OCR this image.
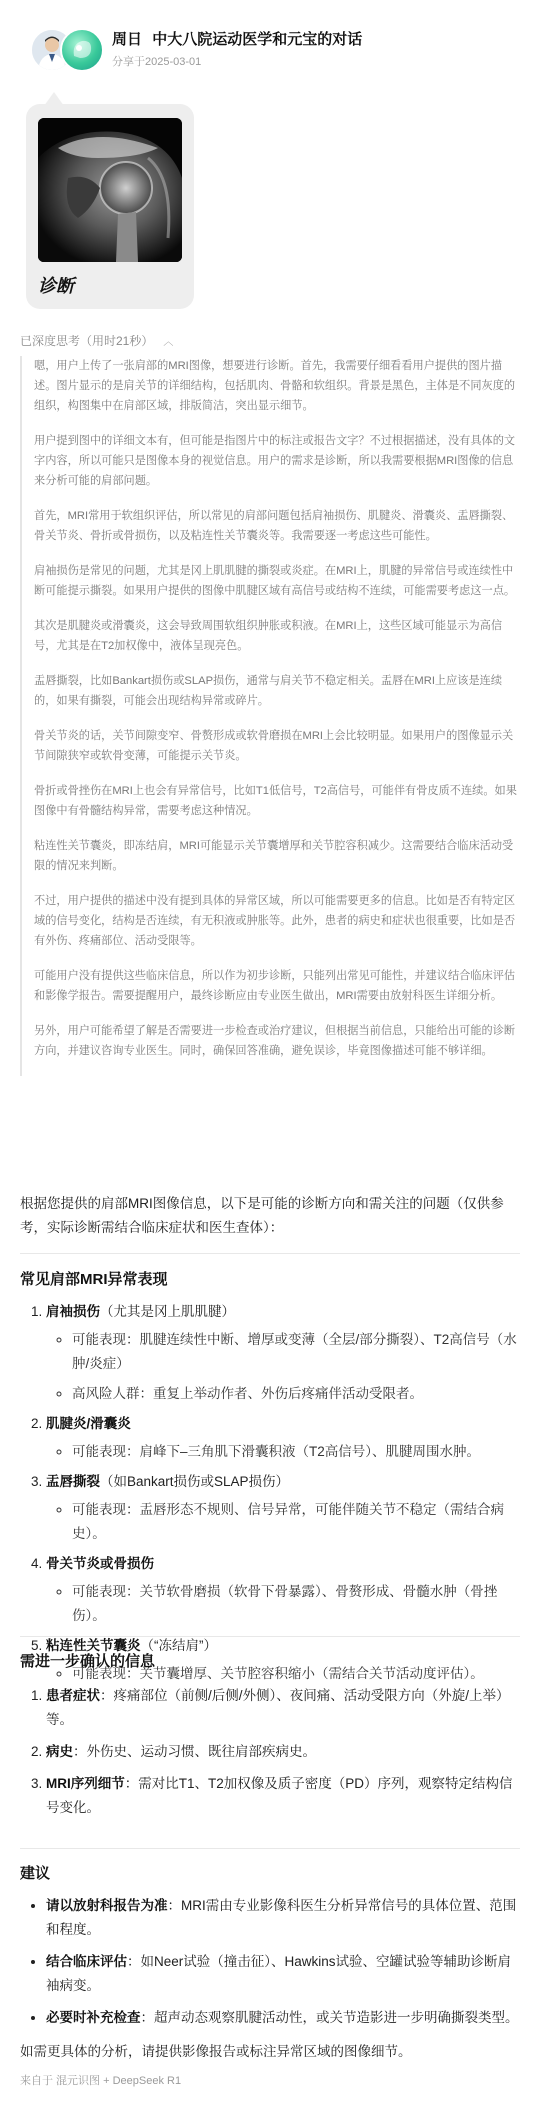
周日 中大八院运动医学和元宝的对话
分享于2025-03-01
诊断
已深度思考（用时21秒） ︿

嗯，用户上传了一张肩部的MRI图像，想要进行诊断。首先，我需要仔细看看用户提供的图片描述。图片显示的是肩关节的详细结构，包括肌肉、骨骼和软组织。背景是黑色，主体是不同灰度的组织，构图集中在肩部区域，排版简洁，突出显示细节。

用户提到图中的详细文本有，但可能是指图片中的标注或报告文字？不过根据描述，没有具体的文字内容，所以可能只是图像本身的视觉信息。用户的需求是诊断，所以我需要根据MRI图像的信息来分析可能的肩部问题。

首先，MRI常用于软组织评估，所以常见的肩部问题包括肩袖损伤、肌腱炎、滑囊炎、盂唇撕裂、骨关节炎、骨折或骨损伤，以及粘连性关节囊炎等。我需要逐一考虑这些可能性。

肩袖损伤是常见的问题，尤其是冈上肌肌腱的撕裂或炎症。在MRI上，肌腱的异常信号或连续性中断可能提示撕裂。如果用户提供的图像中肌腱区域有高信号或结构不连续，可能需要考虑这一点。

其次是肌腱炎或滑囊炎，这会导致周围软组织肿胀或积液。在MRI上，这些区域可能显示为高信号，尤其是在T2加权像中，液体呈现亮色。

盂唇撕裂，比如Bankart损伤或SLAP损伤，通常与肩关节不稳定相关。盂唇在MRI上应该是连续的，如果有撕裂，可能会出现结构异常或碎片。

骨关节炎的话，关节间隙变窄、骨赘形成或软骨磨损在MRI上会比较明显。如果用户的图像显示关节间隙狭窄或软骨变薄，可能提示关节炎。

骨折或骨挫伤在MRI上也会有异常信号，比如T1低信号，T2高信号，可能伴有骨皮质不连续。如果图像中有骨髓结构异常，需要考虑这种情况。

粘连性关节囊炎，即冻结肩，MRI可能显示关节囊增厚和关节腔容积减少。这需要结合临床活动受限的情况来判断。

不过，用户提供的描述中没有提到具体的异常区域，所以可能需要更多的信息。比如是否有特定区域的信号变化，结构是否连续，有无积液或肿胀等。此外，患者的病史和症状也很重要，比如是否有外伤、疼痛部位、活动受限等。

可能用户没有提供这些临床信息，所以作为初步诊断，只能列出常见可能性，并建议结合临床评估和影像学报告。需要提醒用户，最终诊断应由专业医生做出，MRI需要由放射科医生详细分析。

另外，用户可能希望了解是否需要进一步检查或治疗建议，但根据当前信息，只能给出可能的诊断方向，并建议咨询专业医生。同时，确保回答准确，避免误诊，毕竟图像描述可能不够详细。

根据您提供的肩部MRI图像信息，以下是可能的诊断方向和需关注的问题（仅供参考，实际诊断需结合临床症状和医生查体）：
常见肩部MRI异常表现
1. 肩袖损伤（尤其是冈上肌肌腱）
◦ 可能表现：肌腱连续性中断、增厚或变薄（全层/部分撕裂）、T2高信号（水肿/炎症）
◦ 高风险人群：重复上举动作者、外伤后疼痛伴活动受限者。
2. 肌腱炎/滑囊炎
◦ 可能表现：肩峰下–三角肌下滑囊积液（T2高信号）、肌腱周围水肿。
3. 盂唇撕裂（如Bankart损伤或SLAP损伤）
◦ 可能表现：盂唇形态不规则、信号异常，可能伴随关节不稳定（需结合病史）。
4. 骨关节炎或骨损伤
◦ 可能表现：关节软骨磨损（软骨下骨暴露）、骨赘形成、骨髓水肿（骨挫伤）。
5. 粘连性关节囊炎（“冻结肩”）
◦ 可能表现：关节囊增厚、关节腔容积缩小（需结合关节活动度评估）。
需进一步确认的信息
1. 患者症状：疼痛部位（前侧/后侧/外侧）、夜间痛、活动受限方向（外旋/上举）等。
2. 病史：外伤史、运动习惯、既往肩部疾病史。
3. MRI序列细节：需对比T1、T2加权像及质子密度（PD）序列，观察特定结构信号变化。
建议
• 请以放射科报告为准：MRI需由专业影像科医生分析异常信号的具体位置、范围和程度。
• 结合临床评估：如Neer试验（撞击征）、Hawkins试验、空罐试验等辅助诊断肩袖病变。
• 必要时补充检查：超声动态观察肌腱活动性，或关节造影进一步明确撕裂类型。
如需更具体的分析，请提供影像报告或标注异常区域的图像细节。
来自于 混元识图 + DeepSeek R1
